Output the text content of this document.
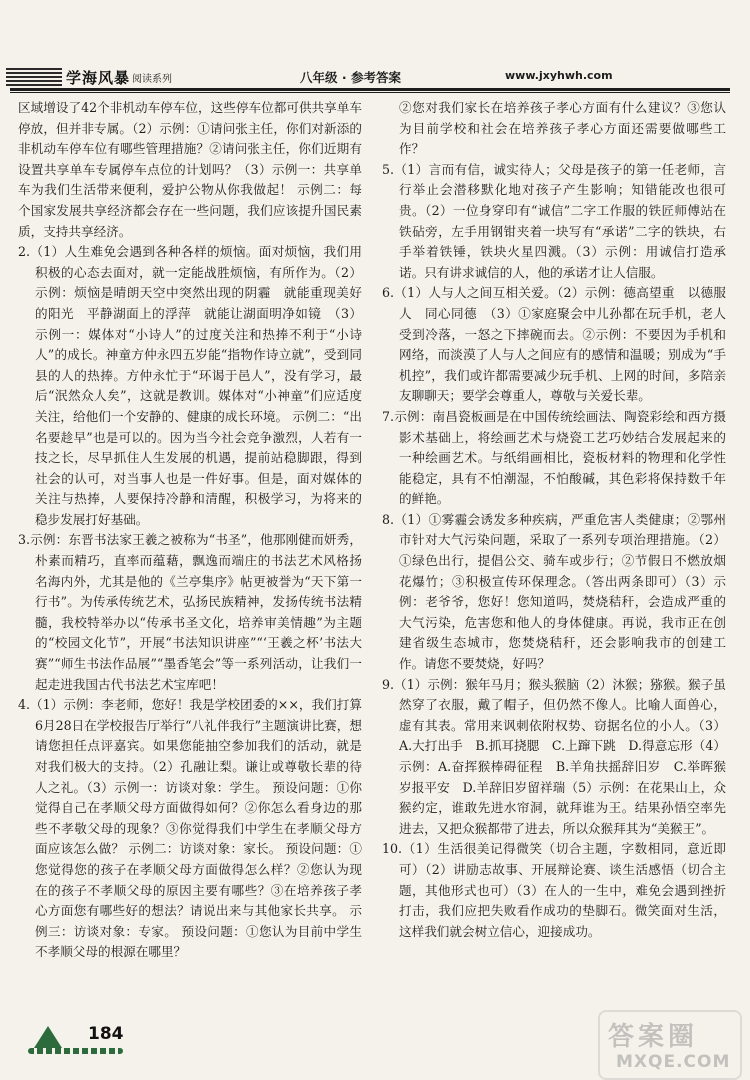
学海风暴 阅读系列	八年级 · 参考答案	www.jxyhwh.com

区域增设了42个非机动车停车位，这些停车位都可供共享单车停放，但并非专属。（2）示例：①请问张主任，你们对新添的非机动车停车位有哪些管理措施？②请问张主任，你们近期有设置共享单车专属停车点位的计划吗？（3）示例一：共享单车为我们生活带来便利，爱护公物从你我做起！ 示例二：每个国家发展共享经济都会存在一些问题，我们应该提升国民素质，支持共享经济。

2.（1）人生难免会遇到各种各样的烦恼。面对烦恼，我们用积极的心态去面对，就一定能战胜烦恼，有所作为。（2）示例：烦恼是晴朗天空中突然出现的阴霾　就能重现美好的阳光　平静湖面上的浮萍　就能让湖面明净如镜　（3）示例一：媒体对“小诗人”的过度关注和热捧不利于“小诗人”的成长。神童方仲永四五岁能“指物作诗立就”，受到同县的人的热捧。方仲永忙于“环谒于邑人”，没有学习，最后“泯然众人矣”，这就是教训。媒体对“小神童”们应适度关注，给他们一个安静的、健康的成长环境。 示例二：“出名要趁早”也是可以的。因为当今社会竞争激烈，人若有一技之长，尽早抓住人生发展的机遇，提前站稳脚跟，得到社会的认可，对当事人也是一件好事。但是，面对媒体的关注与热捧，人要保持冷静和清醒，积极学习，为将来的稳步发展打好基础。

3.示例：东晋书法家王羲之被称为“书圣”，他那刚健而妍秀，朴素而精巧，直率而蕴藉，飘逸而端庄的书法艺术风格扬名海内外，尤其是他的《兰亭集序》帖更被誉为“天下第一行书”。为传承传统艺术，弘扬民族精神，发扬传统书法精髓，我校特举办以“传承书圣文化，培养审美情趣”为主题的“校园文化节”，开展“书法知识讲座”“‘王羲之杯’书法大赛”“师生书法作品展”“墨香笔会”等一系列活动，让我们一起走进我国古代书法艺术宝库吧！

4.（1）示例：李老师，您好！我是学校团委的××，我们打算6月28日在学校报告厅举行“八礼伴我行”主题演讲比赛，想请您担任点评嘉宾。如果您能抽空参加我们的活动，就是对我们极大的支持。（2）孔融让梨。谦让或尊敬长辈的待人之礼。（3）示例一：访谈对象：学生。 预设问题：①你觉得自己在孝顺父母方面做得如何？②你怎么看身边的那些不孝敬父母的现象？③你觉得我们中学生在孝顺父母方面应该怎么做？ 示例二：访谈对象：家长。 预设问题：①您觉得您的孩子在孝顺父母方面做得怎么样？②您认为现在的孩子不孝顺父母的原因主要有哪些？③在培养孩子孝心方面您有哪些好的想法？请说出来与其他家长共享。 示例三：访谈对象：专家。 预设问题：①您认为目前中学生不孝顺父母的根源在哪里？

②您对我们家长在培养孩子孝心方面有什么建议？③您认为目前学校和社会在培养孩子孝心方面还需要做哪些工作？

5.（1）言而有信，诚实待人；父母是孩子的第一任老师，言行举止会潜移默化地对孩子产生影响；知错能改也很可贵。（2）一位身穿印有“诚信”二字工作服的铁匠师傅站在铁砧旁，左手用钢钳夹着一块写有“承诺”二字的铁块，右手举着铁锤，铁块火星四溅。（3）示例：用诚信打造承诺。只有讲求诚信的人，他的承诺才让人信服。

6.（1）人与人之间互相关爱。（2）示例：德高望重　以德服人　同心同德　（3）①家庭聚会中儿孙都在玩手机，老人受到冷落，一怒之下摔碗而去。②示例：不要因为手机和网络，而淡漠了人与人之间应有的感情和温暖；别成为“手机控”，我们或许都需要减少玩手机、上网的时间，多陪亲友聊聊天；要学会尊重人，尊敬与关爱长辈。

7.示例：南昌瓷板画是在中国传统绘画法、陶瓷彩绘和西方摄影术基础上，将绘画艺术与烧瓷工艺巧妙结合发展起来的一种绘画艺术。与纸绢画相比，瓷板材料的物理和化学性能稳定，具有不怕潮湿，不怕酸碱，其色彩将保持数千年的鲜艳。

8.（1）①雾霾会诱发多种疾病，严重危害人类健康；②鄂州市针对大气污染问题，采取了一系列专项治理措施。（2）①绿色出行，提倡公交、骑车或步行；②节假日不燃放烟花爆竹；③积极宣传环保理念。（答出两条即可）（3）示例：老爷爷，您好！您知道吗，焚烧秸秆，会造成严重的大气污染，危害您和他人的身体健康。再说，我市正在创建省级生态城市，您焚烧秸秆，还会影响我市的创建工作。请您不要焚烧，好吗？

9.（1）示例：猴年马月；猴头猴脑（2）沐猴；猕猴。猴子虽然穿了衣服，戴了帽子，但仍然不像人。比喻人面兽心，虚有其表。常用来讽刺依附权势、窃据名位的小人。（3）A.大打出手　B.抓耳挠腮　C.上蹿下跳　D.得意忘形（4）示例：A.奋挥猴棒碍征程　B.羊角扶摇辞旧岁　C.举晖猴岁报平安　D.羊辞旧岁留祥瑞（5）示例：在花果山上，众猴约定，谁敢先进水帘洞，就拜谁为王。结果孙悟空率先进去，又把众猴都带了进去，所以众猴拜其为“美猴王”。

10.（1）生活很美记得微笑（切合主题，字数相同，意近即可）（2）讲励志故事、开展辩论赛、谈生活感悟（切合主题，其他形式也可）（3）在人的一生中，难免会遇到挫折打击，我们应把失败看作成功的垫脚石。微笑面对生活，这样我们就会树立信心，迎接成功。

184	答案圈
MXQE.COM
